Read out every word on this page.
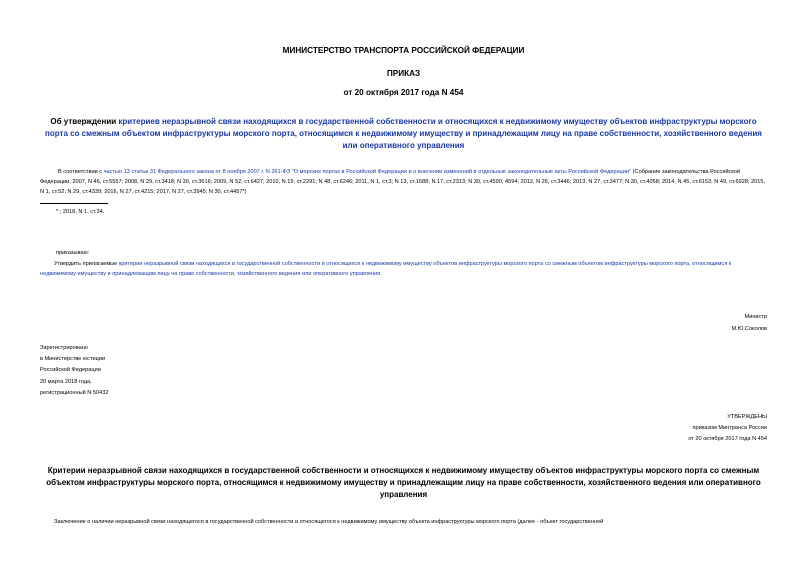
МИНИСТЕРСТВО ТРАНСПОРТА РОССИЙСКОЙ ФЕДЕРАЦИИ
ПРИКАЗ
от 20 октября 2017 года N 454
Об утверждении критериев неразрывной связи находящихся в государственной собственности и относящихся к недвижимому имуществу объектов инфраструктуры морского порта со смежным объектом инфраструктуры морского порта, относящимся к недвижимому имуществу и принадлежащим лицу на праве собственности, хозяйственного ведения или оперативного управления
В соответствии с частью 13 статьи 31 Федерального закона от 8 ноября 2007 г. N 261-ФЗ "О морских портах в Российской Федерации и о внесении изменений в отдельные законодательные акты Российской Федерации" (Собрание законодательства Российской Федерации, 2007, N 46, ст.5557; 2008, N 29, ст.3418; N 30, ст.3616; 2009, N 52, ст.6427; 2010, N 19, ст.2291; N 48, ст.6246; 2011, N 1, ст.3; N 13, ст.1688; N 17, ст.2313; N 30, ст.4590, 4594; 2012, N 26, ст.3446; 2013, N 27, ст.3477; N 30, ст.4058; 2014, N 45, ст.6153; N 49, ст.6928; 2015, N 1, ст.52; N 29, ст.4339; 2016, N 27, ст.4215; 2017, N 27, ст.3945; N 30, ст.4457*)
* ; 2018, N 1, ст.34.
приказываю:
Утвердить прилагаемые критерии неразрывной связи находящихся в государственной собственности и относящихся к недвижимому имуществу объектов инфраструктуры морского порта со смежным объектом инфраструктуры морского порта, относящимся к недвижимому имуществу и принадлежащим лицу на праве собственности, хозяйственного ведения или оперативного управления.
Министр
М.Ю.Соколов
Зарегистрировано
в Министерстве юстиции
Российской Федерации
20 марта 2018 года,
регистрационный N 50432
УТВЕРЖДЕНЫ
приказом Минтранса России
от 20 октября 2017 года N 454
Критерии неразрывной связи находящихся в государственной собственности и относящихся к недвижимому имуществу объектов инфраструктуры морского порта со смежным объектом инфраструктуры морского порта, относящимся к недвижимому имуществу и принадлежащим лицу на праве собственности, хозяйственного ведения или оперативного управления
Заключение о наличии неразрывной связи находящегося в государственной собственности и относящегося к недвижимому имуществу объекта инфраструктуры морского порта (далее - объект государственной
